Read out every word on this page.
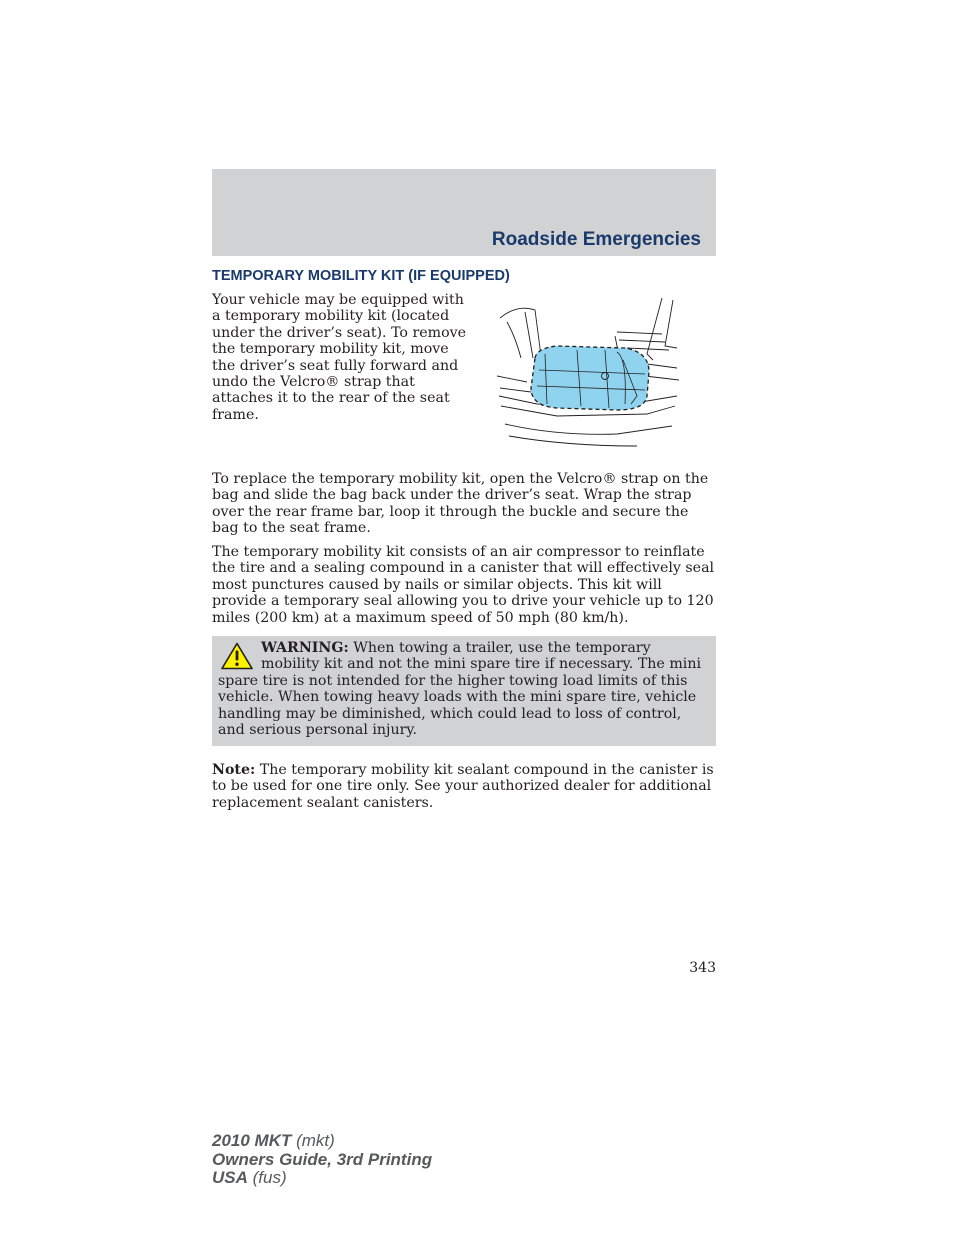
Roadside Emergencies
TEMPORARY MOBILITY KIT (IF EQUIPPED)

Your vehicle may be equipped with a temporary mobility kit (located under the driver’s seat). To remove the temporary mobility kit, move the driver’s seat fully forward and undo the Velcro® strap that attaches it to the rear of the seat frame.

To replace the temporary mobility kit, open the Velcro® strap on the bag and slide the bag back under the driver’s seat. Wrap the strap over the rear frame bar, loop it through the buckle and secure the bag to the seat frame.

The temporary mobility kit consists of an air compressor to reinflate the tire and a sealing compound in a canister that will effectively seal most punctures caused by nails or similar objects. This kit will provide a temporary seal allowing you to drive your vehicle up to 120 miles (200 km) at a maximum speed of 50 mph (80 km/h).

WARNING: When towing a trailer, use the temporary mobility kit and not the mini spare tire if necessary. The mini spare tire is not intended for the higher towing load limits of this vehicle. When towing heavy loads with the mini spare tire, vehicle handling may be diminished, which could lead to loss of control, and serious personal injury.

Note: The temporary mobility kit sealant compound in the canister is to be used for one tire only. See your authorized dealer for additional replacement sealant canisters.

343
2010 MKT (mkt)
Owners Guide, 3rd Printing
USA (fus)
